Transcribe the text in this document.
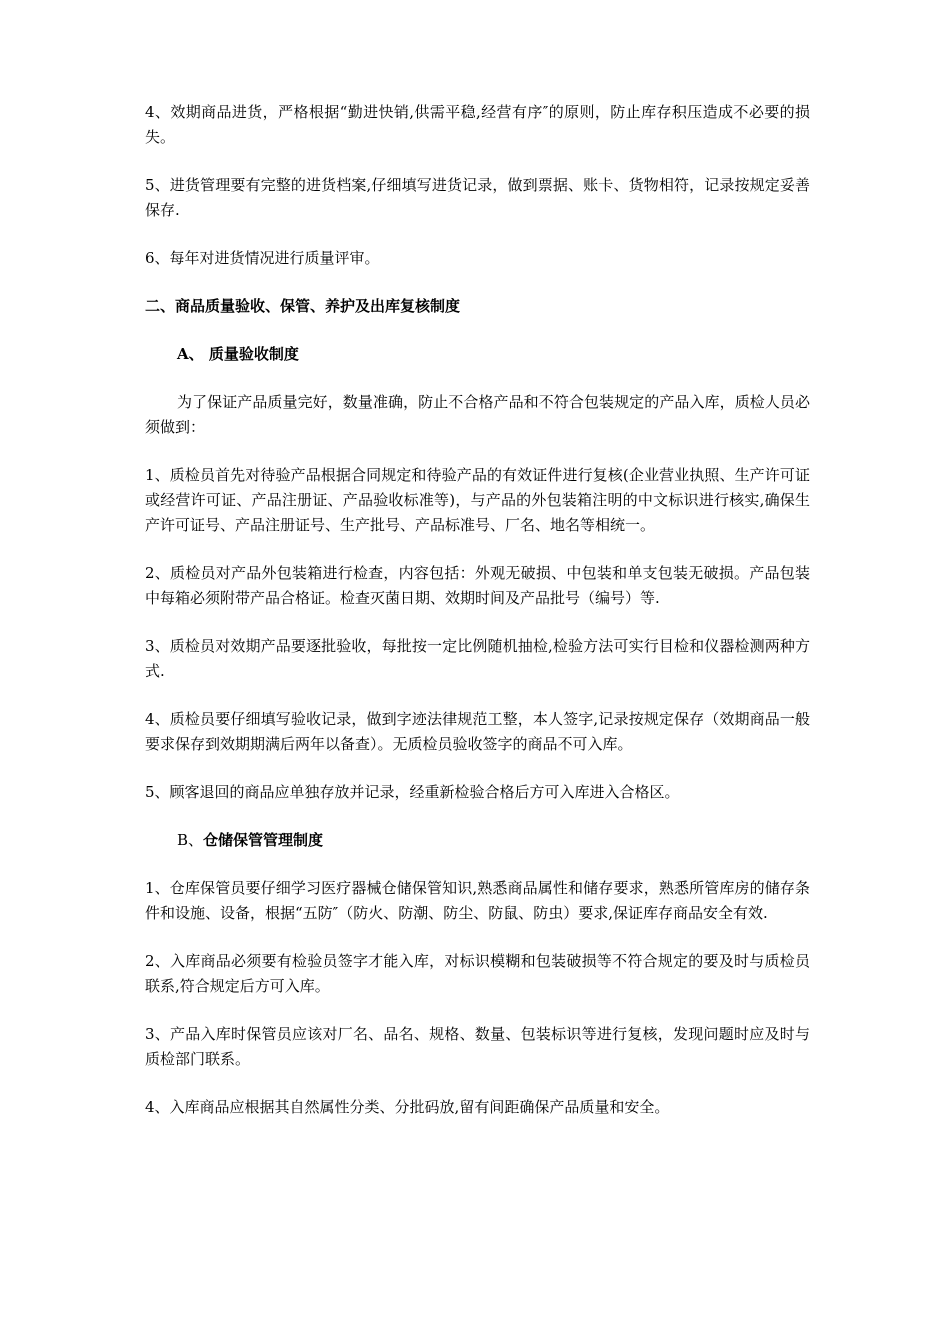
4、效期商品进货，严格根据“勤进快销,供需平稳,经营有序″的原则，防止库存积压造成不必要的损失。

5、进货管理要有完整的进货档案,仔细填写进货记录，做到票据、账卡、货物相符，记录按规定妥善保存.

6、每年对进货情况进行质量评审。

二、商品质量验收、保管、养护及出库复核制度

A、 质量验收制度

为了保证产品质量完好，数量准确，防止不合格产品和不符合包装规定的产品入库，质检人员必须做到：

1、质检员首先对待验产品根据合同规定和待验产品的有效证件进行复核(企业营业执照、生产许可证或经营许可证、产品注册证、产品验收标准等)，与产品的外包装箱注明的中文标识进行核实,确保生产许可证号、产品注册证号、生产批号、产品标准号、厂名、地名等相统一。

2、质检员对产品外包装箱进行检查，内容包括：外观无破损、中包装和单支包装无破损。产品包装中每箱必须附带产品合格证。检查灭菌日期、效期时间及产品批号（编号）等.

3、质检员对效期产品要逐批验收，每批按一定比例随机抽检,检验方法可实行目检和仪器检测两种方式.

4、质检员要仔细填写验收记录，做到字迹法律规范工整，本人签字,记录按规定保存（效期商品一般要求保存到效期期满后两年以备查）。无质检员验收签字的商品不可入库。

5、顾客退回的商品应单独存放并记录，经重新检验合格后方可入库进入合格区。

B、仓储保管管理制度

1、仓库保管员要仔细学习医疗器械仓储保管知识,熟悉商品属性和储存要求，熟悉所管库房的储存条件和设施、设备，根据“五防″（防火、防潮、防尘、防鼠、防虫）要求,保证库存商品安全有效.

2、入库商品必须要有检验员签字才能入库，对标识模糊和包装破损等不符合规定的要及时与质检员联系,符合规定后方可入库。

3、产品入库时保管员应该对厂名、品名、规格、数量、包装标识等进行复核，发现问题时应及时与质检部门联系。

4、入库商品应根据其自然属性分类、分批码放,留有间距确保产品质量和安全。
